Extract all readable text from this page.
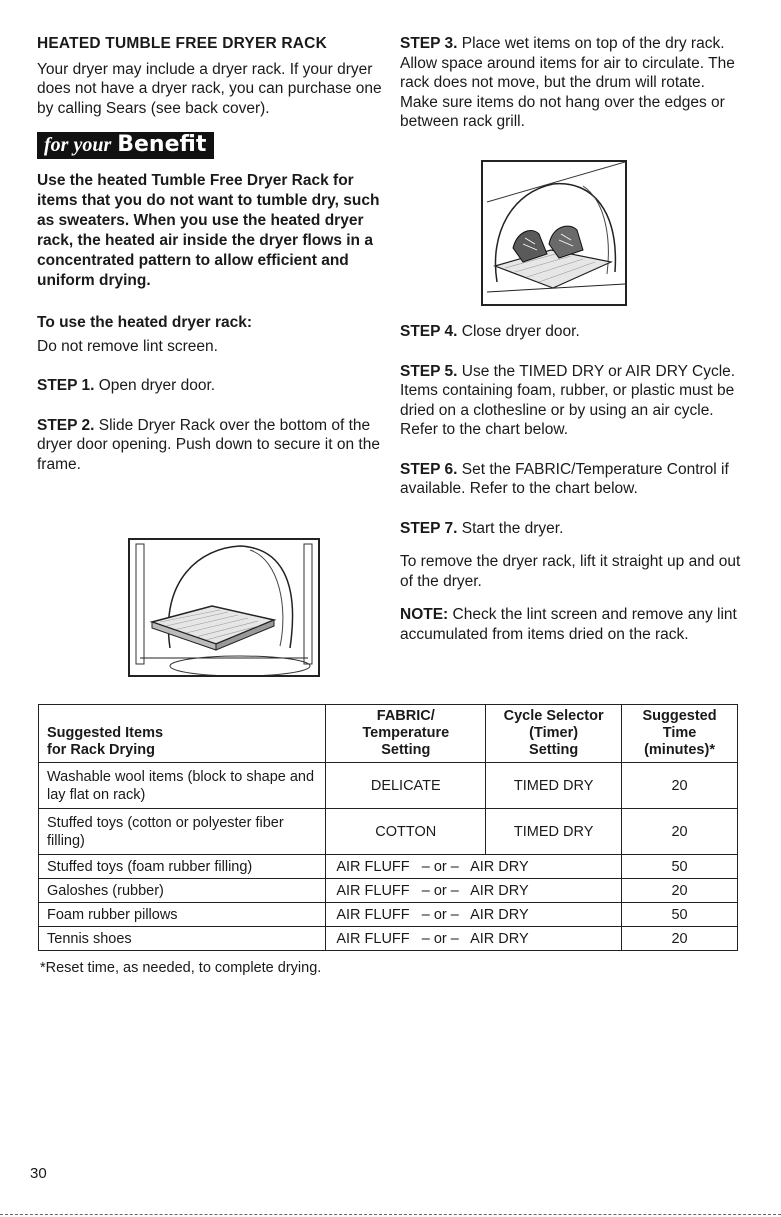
HEATED TUMBLE FREE DRYER RACK

Your dryer may include a dryer rack. If your dryer does not have a dryer rack, you can purchase one by calling Sears (see back cover).

for your Benefit

Use the heated Tumble Free Dryer Rack for items that you do not want to tumble dry, such as sweaters. When you use the heated dryer rack, the heated air inside the dryer flows in a concentrated pattern to allow efficient and uniform drying.

To use the heated dryer rack:

Do not remove lint screen.

STEP 1. Open dryer door.

STEP 2. Slide Dryer Rack over the bottom of the dryer door opening. Push down to secure it on the frame.

STEP 3. Place wet items on top of the dry rack. Allow space around items for air to circulate. The rack does not move, but the drum will rotate. Make sure items do not hang over the edges or between rack grill.

STEP 4. Close dryer door.

STEP 5. Use the TIMED DRY or AIR DRY Cycle. Items containing foam, rubber, or plastic must be dried on a clothesline or by using an air cycle. Refer to the chart below.

STEP 6. Set the FABRIC/Temperature Control if available. Refer to the chart below.

STEP 7. Start the dryer.

To remove the dryer rack, lift it straight up and out of the dryer.

NOTE: Check the lint screen and remove any lint accumulated from items dried on the rack.

Suggested Items
for Rack Drying	FABRIC/
Temperature
Setting	Cycle Selector
(Timer)
Setting	Suggested
Time
(minutes)*
Washable wool items (block to shape and lay flat on rack)	DELICATE	TIMED DRY	20
Stuffed toys (cotton or polyester fiber filling)	COTTON	TIMED DRY	20
Stuffed toys (foam rubber filling)	AIR FLUFF   – or –   AIR DRY		50
Galoshes (rubber)	AIR FLUFF   – or –   AIR DRY		20
Foam rubber pillows	AIR FLUFF   – or –   AIR DRY		50
Tennis shoes	AIR FLUFF   – or –   AIR DRY		20
*Reset time, as needed, to complete drying.
30
